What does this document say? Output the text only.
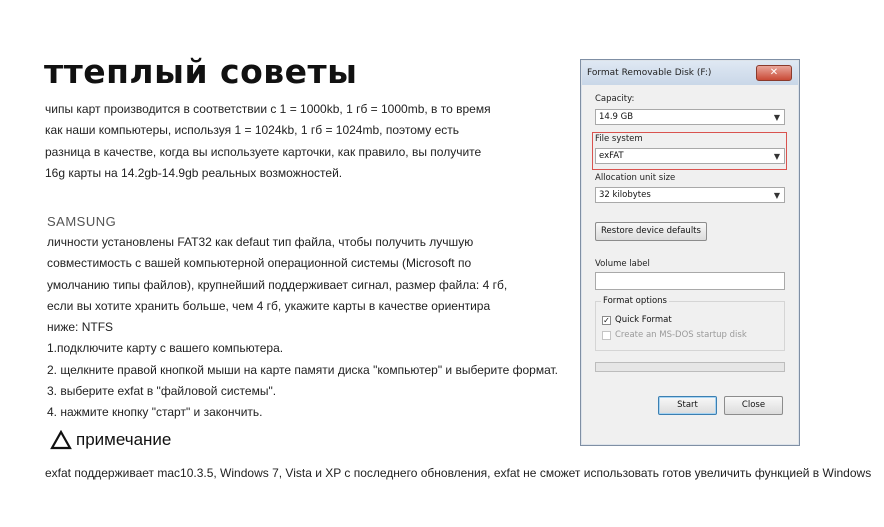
ттеплый советы
чипы карт производится в соответствии с 1 = 1000kb, 1 гб = 1000mb, в то время
как наши компьютеры, используя 1 = 1024kb, 1 гб = 1024mb, поэтому есть
разница в качестве, когда вы используете карточки, как правило, вы получите
16g карты на 14.2gb-14.9gb реальных возможностей.
SAMSUNG
личности установлены FAT32 как defaut тип файла, чтобы получить лучшую
совместимость с вашей компьютерной операционной системы (Microsoft по
умолчанию типы файлов), крупнейший поддерживает сигнал, размер файла: 4 гб,
если вы хотите хранить больше, чем 4 гб, укажите карты в качестве ориентира
ниже: NTFS
1.подключите карту с вашего компьютера.
2. щелкните правой кнопкой мыши на карте памяти диска "компьютер" и выберите формат.
3. выберите exfat в "файловой системы".
4. нажмите кнопку "старт" и закончить.
примечание
exfat поддерживает mac10.3.5, Windows 7, Vista и XP с последнего обновления, exfat не сможет использовать готов увеличить функцией в Windows
Format Removable Disk (F:)	✕
Capacity:
14.9 GB	▼
File system
exFAT	▼
Allocation unit size
32 kilobytes	▼
Restore device defaults
Volume label
Format options
✓ Quick Format
Create an MS-DOS startup disk
Start	Close
